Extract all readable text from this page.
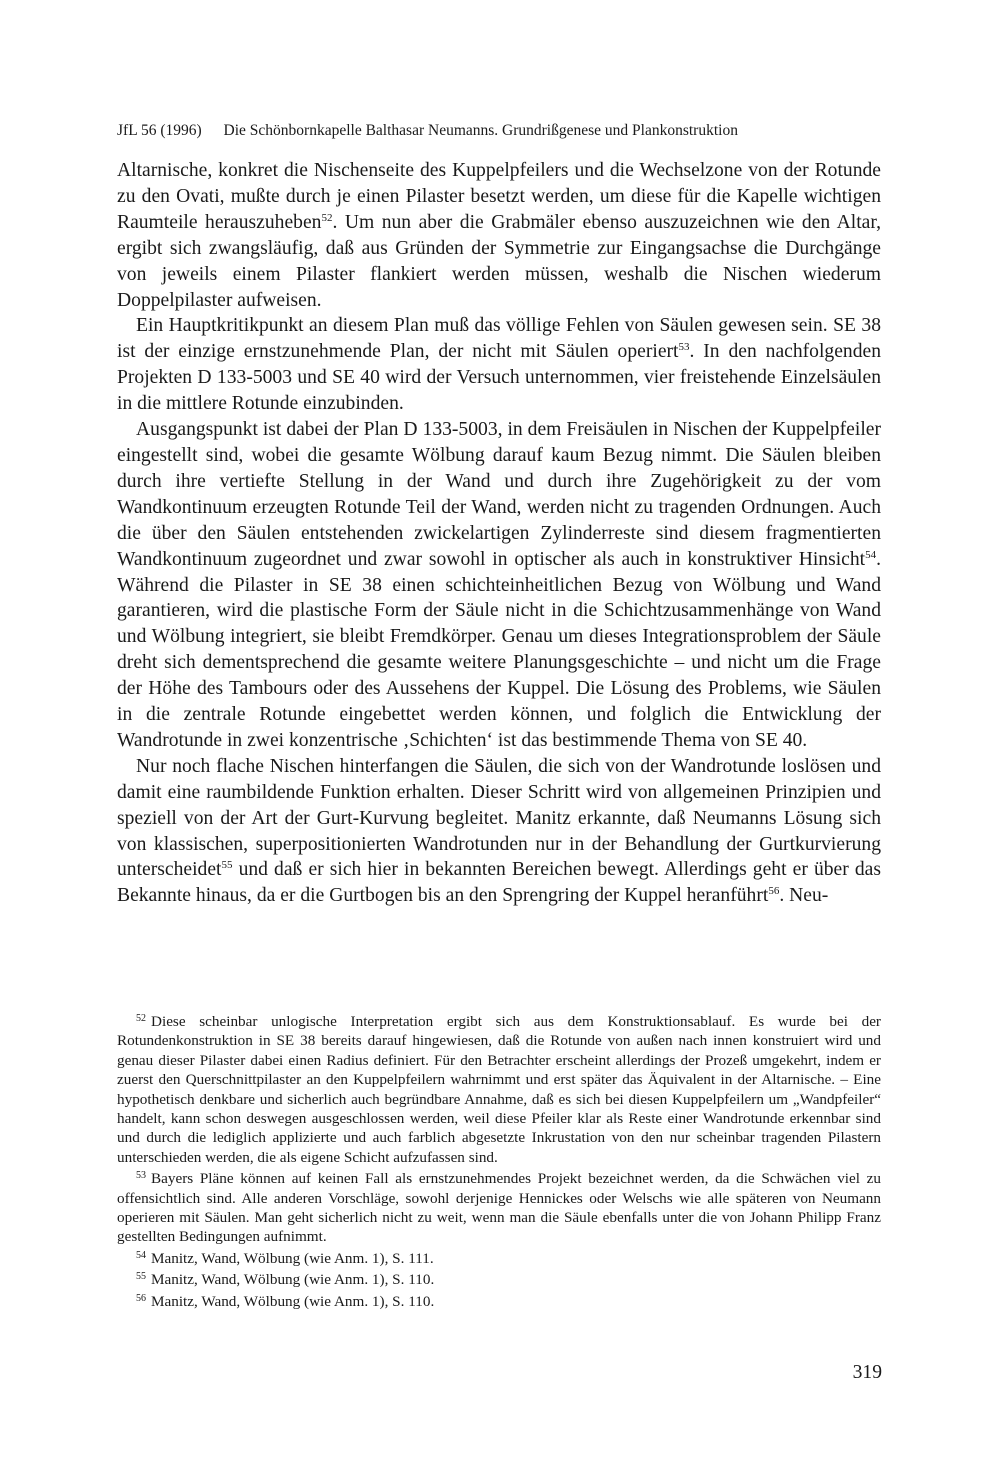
JfL 56 (1996) Die Schönbornkapelle Balthasar Neumanns. Grundrißgenese und Plankonstruktion

Altarnische, konkret die Nischenseite des Kuppelpfeilers und die Wechselzone von der Rotunde zu den Ovati, mußte durch je einen Pilaster besetzt werden, um diese für die Kapelle wichtigen Raumteile herauszuheben$^{52}$. Um nun aber die Grabmäler ebenso auszuzeichnen wie den Altar, ergibt sich zwangsläufig, daß aus Gründen der Symmetrie zur Eingangsachse die Durchgänge von jeweils einem Pilaster flankiert werden müssen, weshalb die Nischen wiederum Doppelpilaster aufweisen.

Ein Hauptkritikpunkt an diesem Plan muß das völlige Fehlen von Säulen gewesen sein. SE 38 ist der einzige ernstzunehmende Plan, der nicht mit Säulen operiert$^{53}$. In den nachfolgenden Projekten D 133-5003 und SE 40 wird der Versuch unternommen, vier freistehende Einzelsäulen in die mittlere Rotunde einzubinden.

Ausgangspunkt ist dabei der Plan D 133-5003, in dem Freisäulen in Nischen der Kuppelpfeiler eingestellt sind, wobei die gesamte Wölbung darauf kaum Bezug nimmt. Die Säulen bleiben durch ihre vertiefte Stellung in der Wand und durch ihre Zugehörigkeit zu der vom Wandkontinuum erzeugten Rotunde Teil der Wand, werden nicht zu tragenden Ordnungen. Auch die über den Säulen entstehenden zwickelartigen Zylinderreste sind diesem fragmentierten Wandkontinuum zugeordnet und zwar sowohl in optischer als auch in konstruktiver Hinsicht$^{54}$. Während die Pilaster in SE 38 einen schichteinheitlichen Bezug von Wölbung und Wand garantieren, wird die plastische Form der Säule nicht in die Schichtzusammenhänge von Wand und Wölbung integriert, sie bleibt Fremdkörper. Genau um dieses Integrationsproblem der Säule dreht sich dementsprechend die gesamte weitere Planungsgeschichte – und nicht um die Frage der Höhe des Tambours oder des Aussehens der Kuppel. Die Lösung des Problems, wie Säulen in die zentrale Rotunde eingebettet werden können, und folglich die Entwicklung der Wandrotunde in zwei konzentrische ‚Schichten‘ ist das bestimmende Thema von SE 40.

Nur noch flache Nischen hinterfangen die Säulen, die sich von der Wandrotunde loslösen und damit eine raumbildende Funktion erhalten. Dieser Schritt wird von allgemeinen Prinzipien und speziell von der Art der Gurt-Kurvung begleitet. Manitz erkannte, daß Neumanns Lösung sich von klassischen, superpositionierten Wandrotunden nur in der Behandlung der Gurtkurvierung unterscheidet$^{55}$ und daß er sich hier in bekannten Bereichen bewegt. Allerdings geht er über das Bekannte hinaus, da er die Gurtbogen bis an den Sprengring der Kuppel heranführt$^{56}$. Neu-

$^{52}$ Diese scheinbar unlogische Interpretation ergibt sich aus dem Konstruktionsablauf. Es wurde bei der Rotundenkonstruktion in SE 38 bereits darauf hingewiesen, daß die Rotunde von außen nach innen konstruiert wird und genau dieser Pilaster dabei einen Radius definiert. Für den Betrachter erscheint allerdings der Prozeß umgekehrt, indem er zuerst den Querschnittpilaster an den Kuppelpfeilern wahrnimmt und erst später das Äquivalent in der Altarnische. – Eine hypothetisch denkbare und sicherlich auch begründbare Annahme, daß es sich bei diesen Kuppelpfeilern um „Wandpfeiler“ handelt, kann schon deswegen ausgeschlossen werden, weil diese Pfeiler klar als Reste einer Wandrotunde erkennbar sind und durch die lediglich applizierte und auch farblich abgesetzte Inkrustation von den nur scheinbar tragenden Pilastern unterschieden werden, die als eigene Schicht aufzufassen sind.

$^{53}$ Bayers Pläne können auf keinen Fall als ernstzunehmendes Projekt bezeichnet werden, da die Schwächen viel zu offensichtlich sind. Alle anderen Vorschläge, sowohl derjenige Hennickes oder Welschs wie alle späteren von Neumann operieren mit Säulen. Man geht sicherlich nicht zu weit, wenn man die Säule ebenfalls unter die von Johann Philipp Franz gestellten Bedingungen aufnimmt.

$^{54}$ Manitz, Wand, Wölbung (wie Anm. 1), S. 111.

$^{55}$ Manitz, Wand, Wölbung (wie Anm. 1), S. 110.

$^{56}$ Manitz, Wand, Wölbung (wie Anm. 1), S. 110.

319
